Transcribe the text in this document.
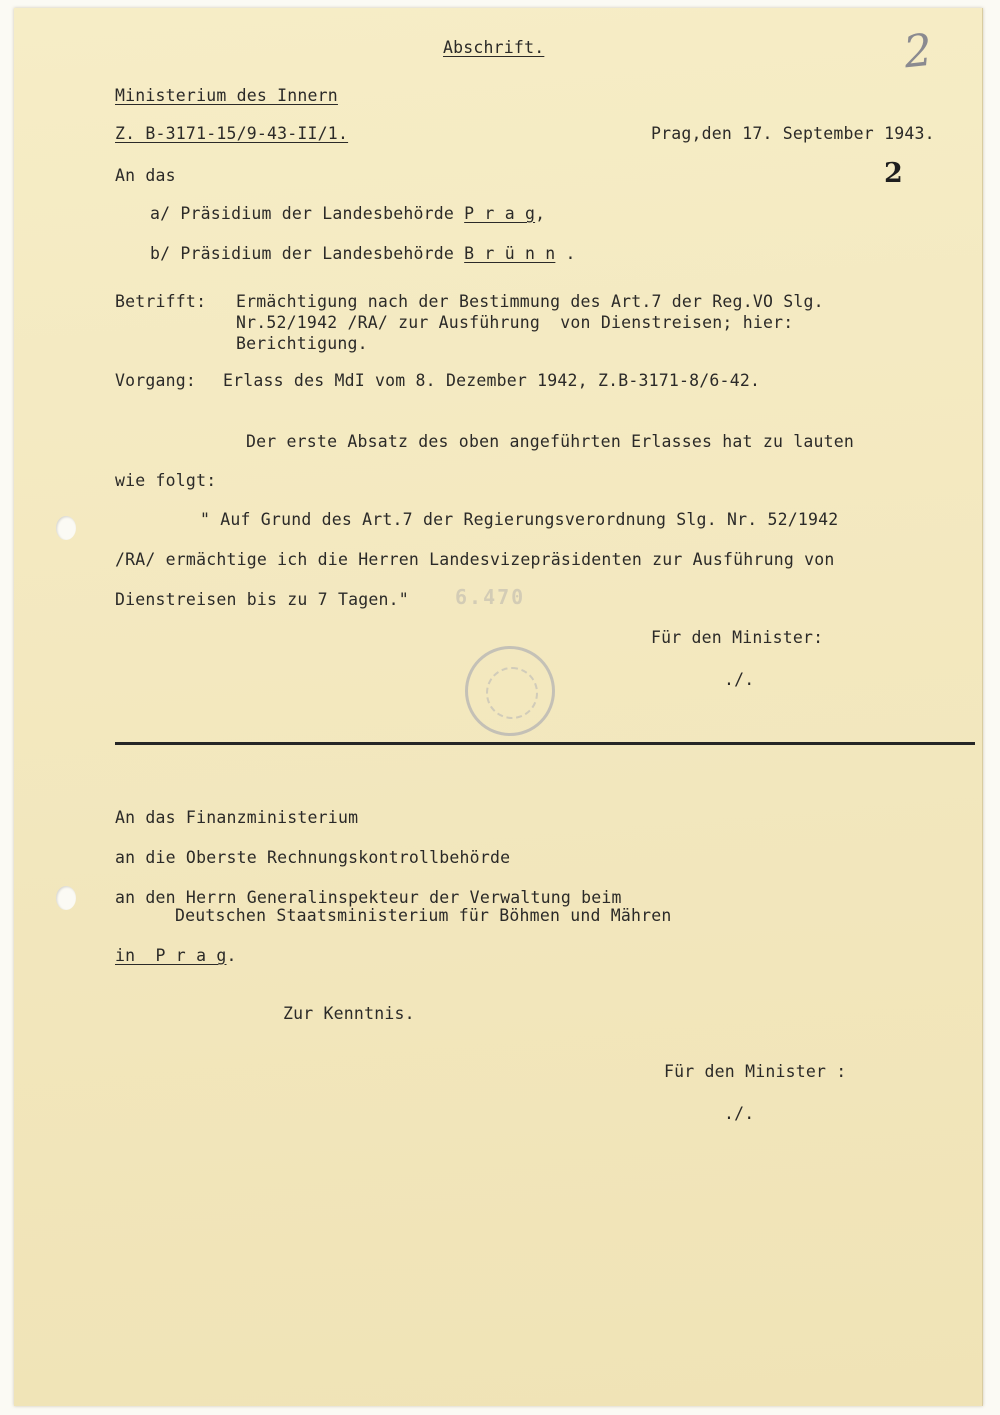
Abschrift.	2
Ministerium des Innern
Z. B-3171-15/9-43-II/1.	Prag,den 17. September 1943.
2
An das
a/ Präsidium der Landesbehörde P r a g,
b/ Präsidium der Landesbehörde B r ü n n .
Betrifft: Ermächtigung nach der Bestimmung des Art.7 der Reg.VO Slg.
Nr.52/1942 /RA/ zur Ausführung  von Dienstreisen; hier:
Berichtigung.
Vorgang: Erlass des MdI vom 8. Dezember 1942, Z.B-3171-8/6-42.
Der erste Absatz des oben angeführten Erlasses hat zu lauten
wie folgt:
" Auf Grund des Art.7 der Regierungsverordnung Slg. Nr. 52/1942
/RA/ ermächtige ich die Herren Landesvizepräsidenten zur Ausführung von
Dienstreisen bis zu 7 Tagen." 6.470
Für den Minister:
./.
An das Finanzministerium
an die Oberste Rechnungskontrollbehörde
an den Herrn Generalinspekteur der Verwaltung beim
Deutschen Staatsministerium für Böhmen und Mähren
in  P r a g.
Zur Kenntnis.
Für den Minister :
./.
